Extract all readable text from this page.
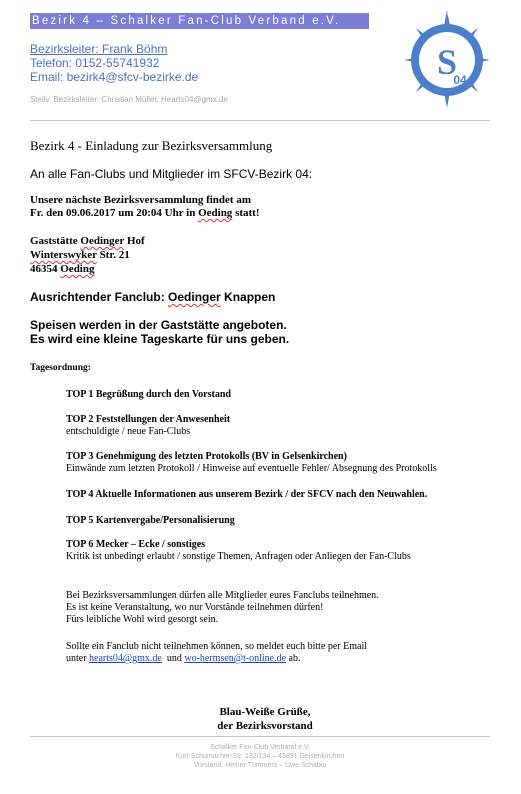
Bezirk 4 – Schalker Fan-Club Verband e.V.
Bezirksleiter: Frank Böhm
Telefon: 0152-55741932
Email: bezirk4@sfcv-bezirke.de
Stellv. Bezirksleiter: Christian Müller, Hearts04@gmx.de
SFCV
S
04
Bezirk 4 - Einladung zur Bezirksversammlung
An alle Fan-Clubs und Mitglieder im SFCV-Bezirk 04:
Unsere nächste Bezirksversammlung findet am
Fr. den 09.06.2017 um 20:04 Uhr in Oeding statt!
Gaststätte Oedinger Hof
Winterswyker Str. 21
46354 Oeding
Ausrichtender Fanclub: Oedinger Knappen
Speisen werden in der Gaststätte angeboten.
Es wird eine kleine Tageskarte für uns geben.
Tagesordnung:
TOP 1 Begrüßung durch den Vorstand
TOP 2 Feststellungen der Anwesenheit
entschuldigte / neue Fan-Clubs
TOP 3 Genehmigung des letzten Protokolls (BV in Gelsenkirchen)
Einwände zum letzten Protokoll / Hinweise auf eventuelle Fehler/ Absegnung des Protokolls
TOP 4 Aktuelle Informationen aus unserem Bezirk / der SFCV nach den Neuwahlen.
TOP 5 Kartenvergabe/Personalisierung
TOP 6 Mecker – Ecke / sonstiges
Kritik ist unbedingt erlaubt / sonstige Themen, Anfragen oder Anliegen der Fan-Clubs
Bei Bezirksversammlungen dürfen alle Mitglieder eures Fanclubs teilnehmen.
Es ist keine Veranstaltung, wo nur Vorstände teilnehmen dürfen!
Fürs leibliche Wohl wird gesorgt sein.
Sollte ein Fanclub nicht teilnehmen können, so meldet euch bitte per Email
unter hearts04@gmx.de  und wo-hermsen@t-online.de ab.
Blau-Weiße Grüße,
der Bezirksvorstand
Schalker Fan-Club Verband e.V.
Kurt-Schumacher-Str. 132/134 – 45891 Gelsenkirchen
Vorstand: Heiner Tümmers – Uwe Schabio
